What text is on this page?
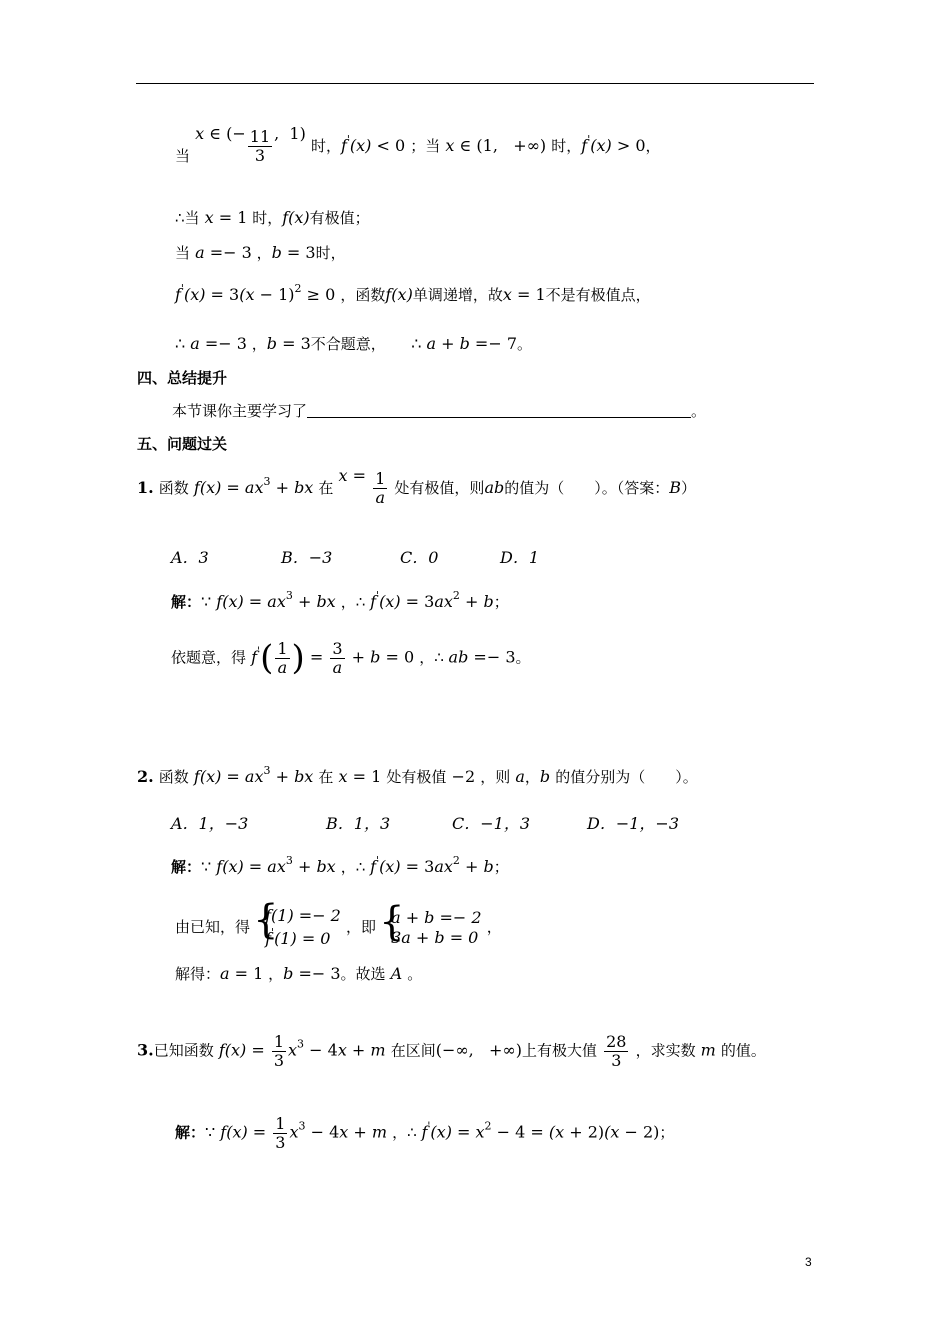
当 x ∈ (− $\frac{11}{3}$ ,  1) 时，f'(x) < 0 ；当 x ∈ (1,   +∞) 时，f'(x) > 0，
∴当 x = 1 时，f(x)有极值；
当 a =− 3 ，b = 3时，
$f'(x) = 3(x - 1)^2 \ge 0$ ，函数f(x)单调递增，故x = 1不是有极值点，
∴ a =− 3 ，b = 3不合题意，     ∴ a + b =− 7。
四、总结提升
本节课你主要学习了	。
五、问题过关
1. 函数 $f(x) = ax^3$ + bx 在 $x = \frac{1}{a}$ 处有极值，则ab的值为（　　）。（答案：B）
A．3	B．−3	C．0	D．1
解：∵ $f(x) = ax^3$ + bx ，∴ $f'(x) = 3ax^2 + b$；
依题意，得 $f'( \frac{1}{a}$ ) = $\frac{3}{a} + b = 0$ ，∴ ab =− 3。
2. 函数 $f(x) = ax^3$ + bx 在 x = 1 处有极值 −2 ，则 a，b 的值分别为（　　）。
A．1，−3	B．1，3	C．−1，3	D．−1，−3
解：∵ $f(x) = ax^3$ + bx ，∴ $f'(x) = 3ax^2 + b$；
由已知，得
{ f(1) =− 2
f'(1) = 0
，即
{ a + b =− 2
3a + b = 0
，
解得：a = 1 ，b =− 3。故选 A 。
3.已知函数 $f(x) = \frac{1}{3} x^3 - 4x + m$ 在区间(−∞,   +∞)上有极大值 $\frac{28}{3}$ ，求实数 m 的值。
解：∵ $f(x) = \frac{1}{3} x^3 - 4x + m$ ，∴ $f'(x) = x^2 - 4 = (x + 2)(x - 2)$；
3
